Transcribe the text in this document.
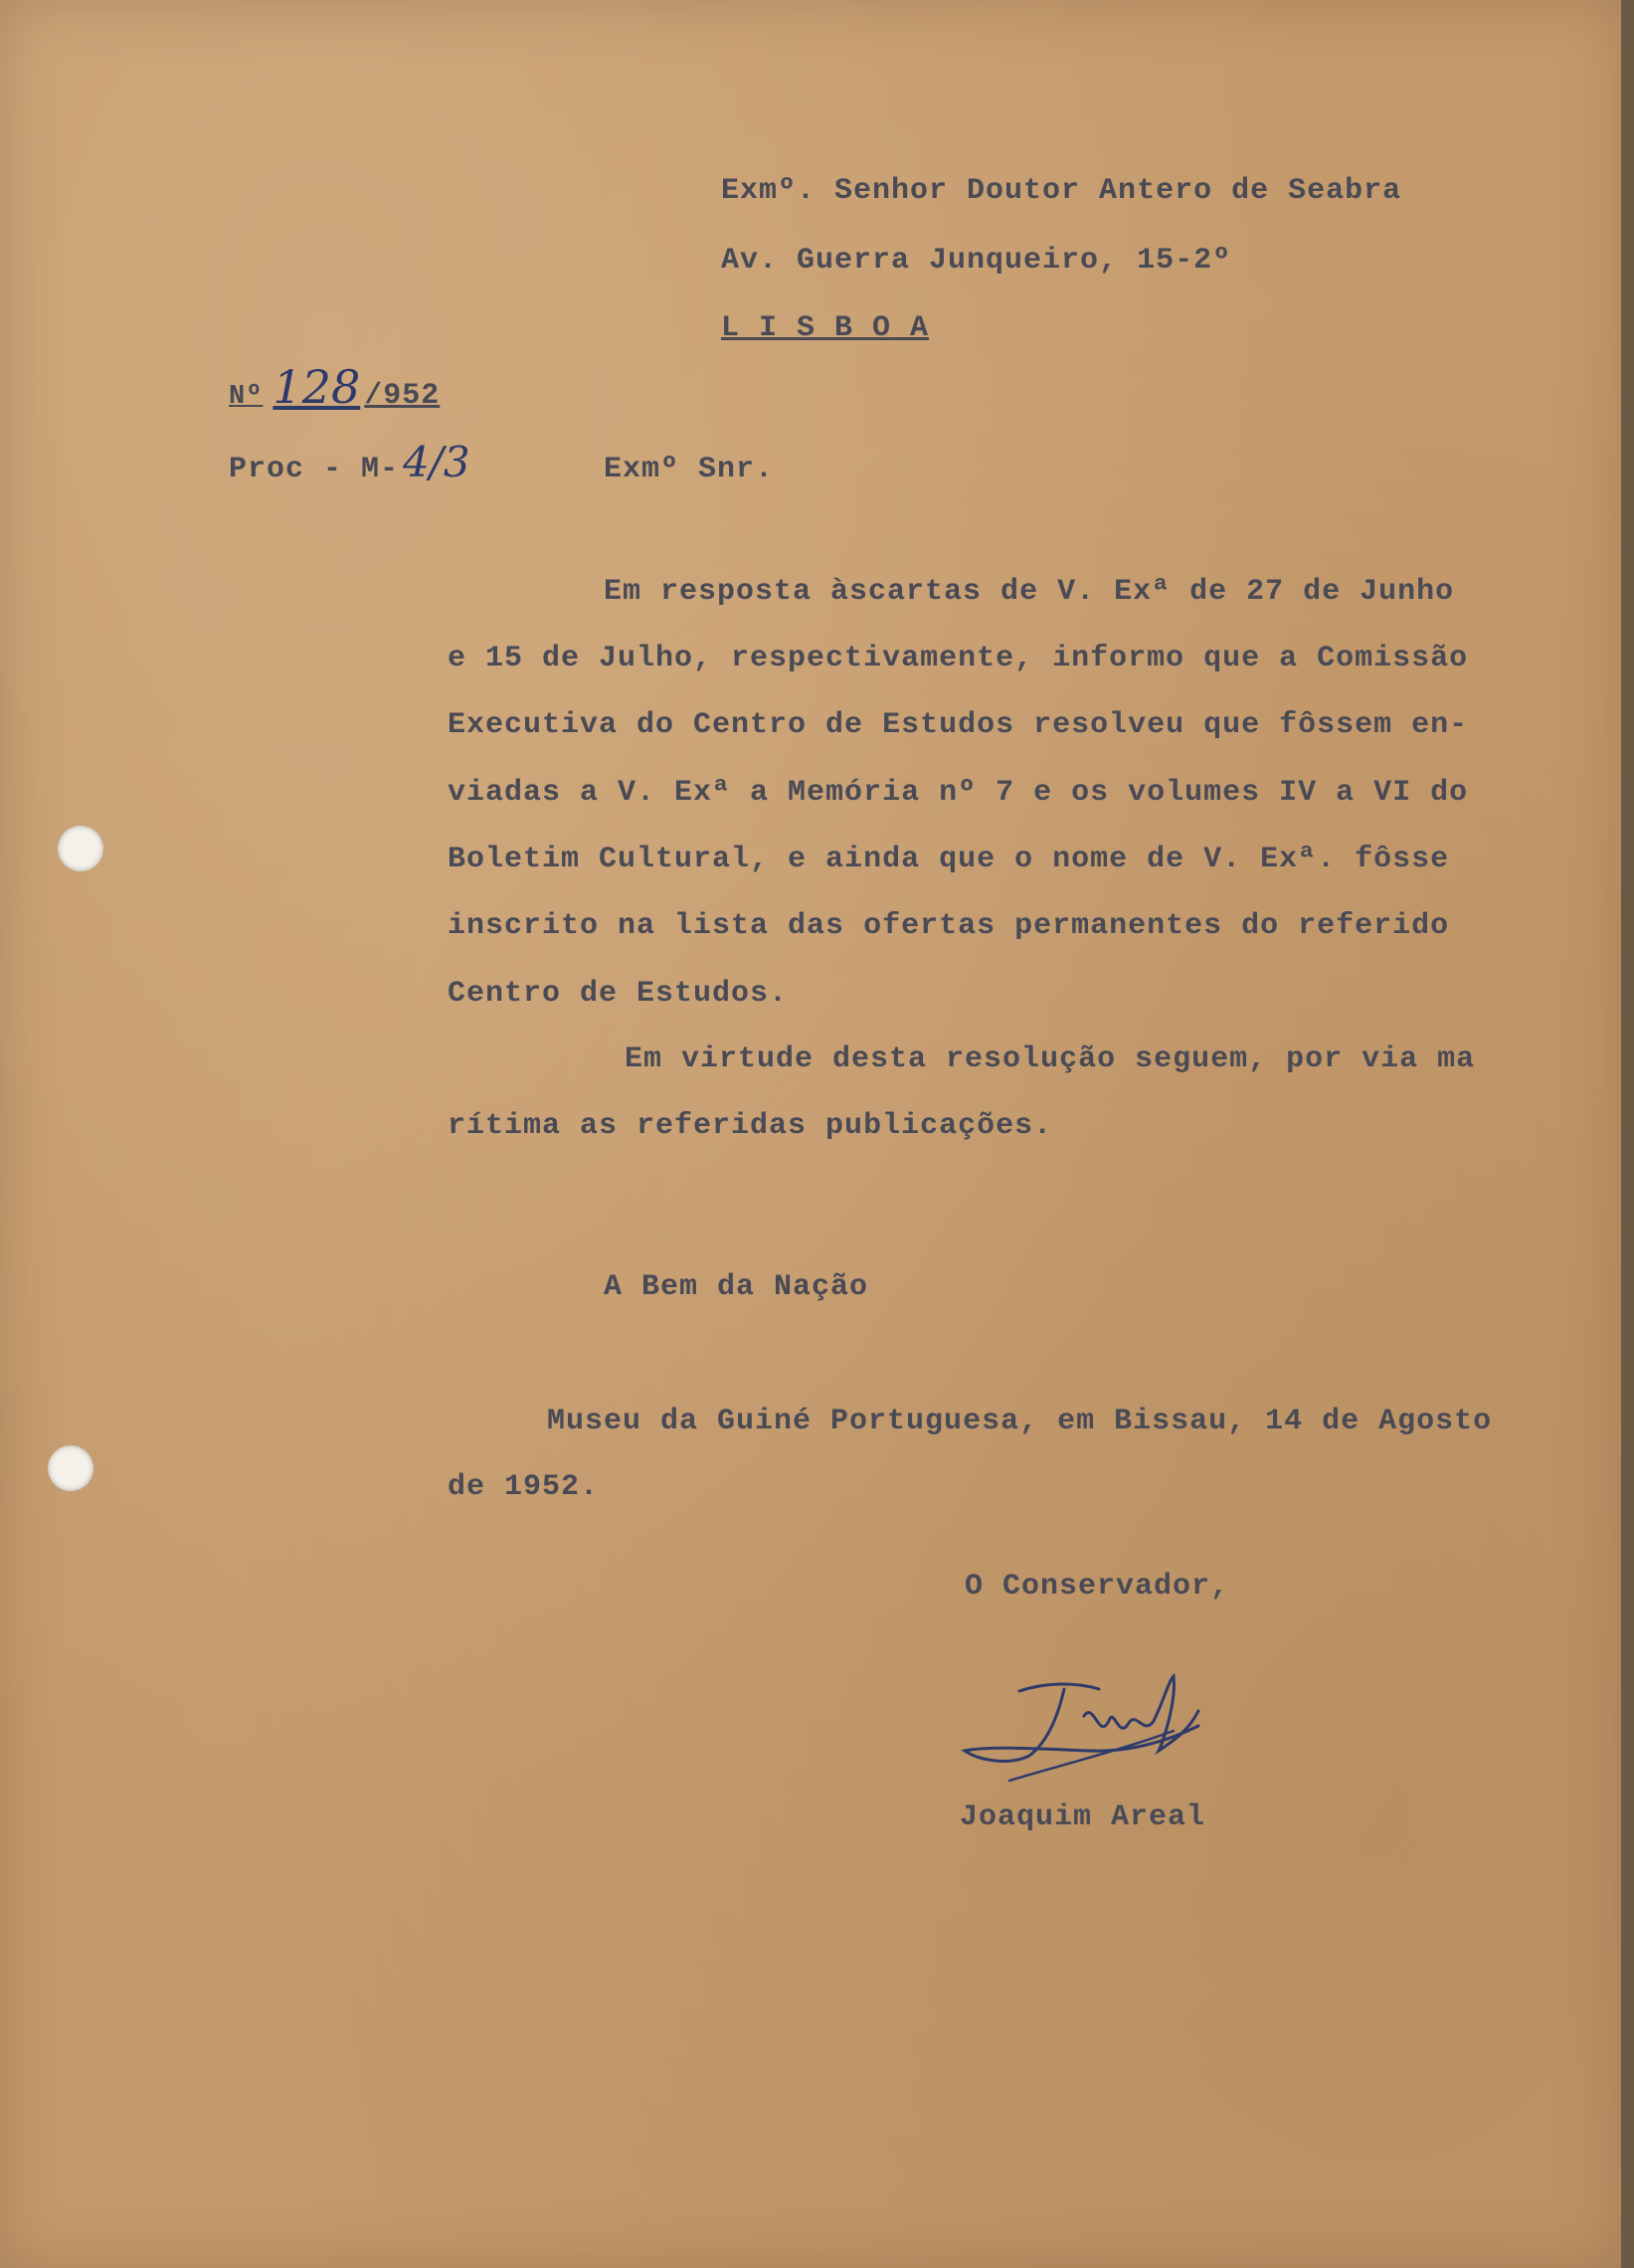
Exmº. Senhor Doutor Antero de Seabra
Av. Guerra Junqueiro, 15-2º
L I S B O A
Nº 128 /952
Proc - M- 4/3	Exmº Snr.
Em resposta àscartas de V. Exª de 27 de Junho
e 15 de Julho, respectivamente, informo que a Comissão
Executiva do Centro de Estudos resolveu que fôssem en-
viadas a V. Exª a Memória nº 7 e os volumes IV a VI do
Boletim Cultural, e ainda que o nome de V. Exª. fôsse
inscrito na lista das ofertas permanentes do referido
Centro de Estudos.
Em virtude desta resolução seguem, por via ma
rítima as referidas publicações.
A Bem da Nação
Museu da Guiné Portuguesa, em Bissau, 14 de Agosto
de 1952.
O Conservador,
Joaquim Areal
